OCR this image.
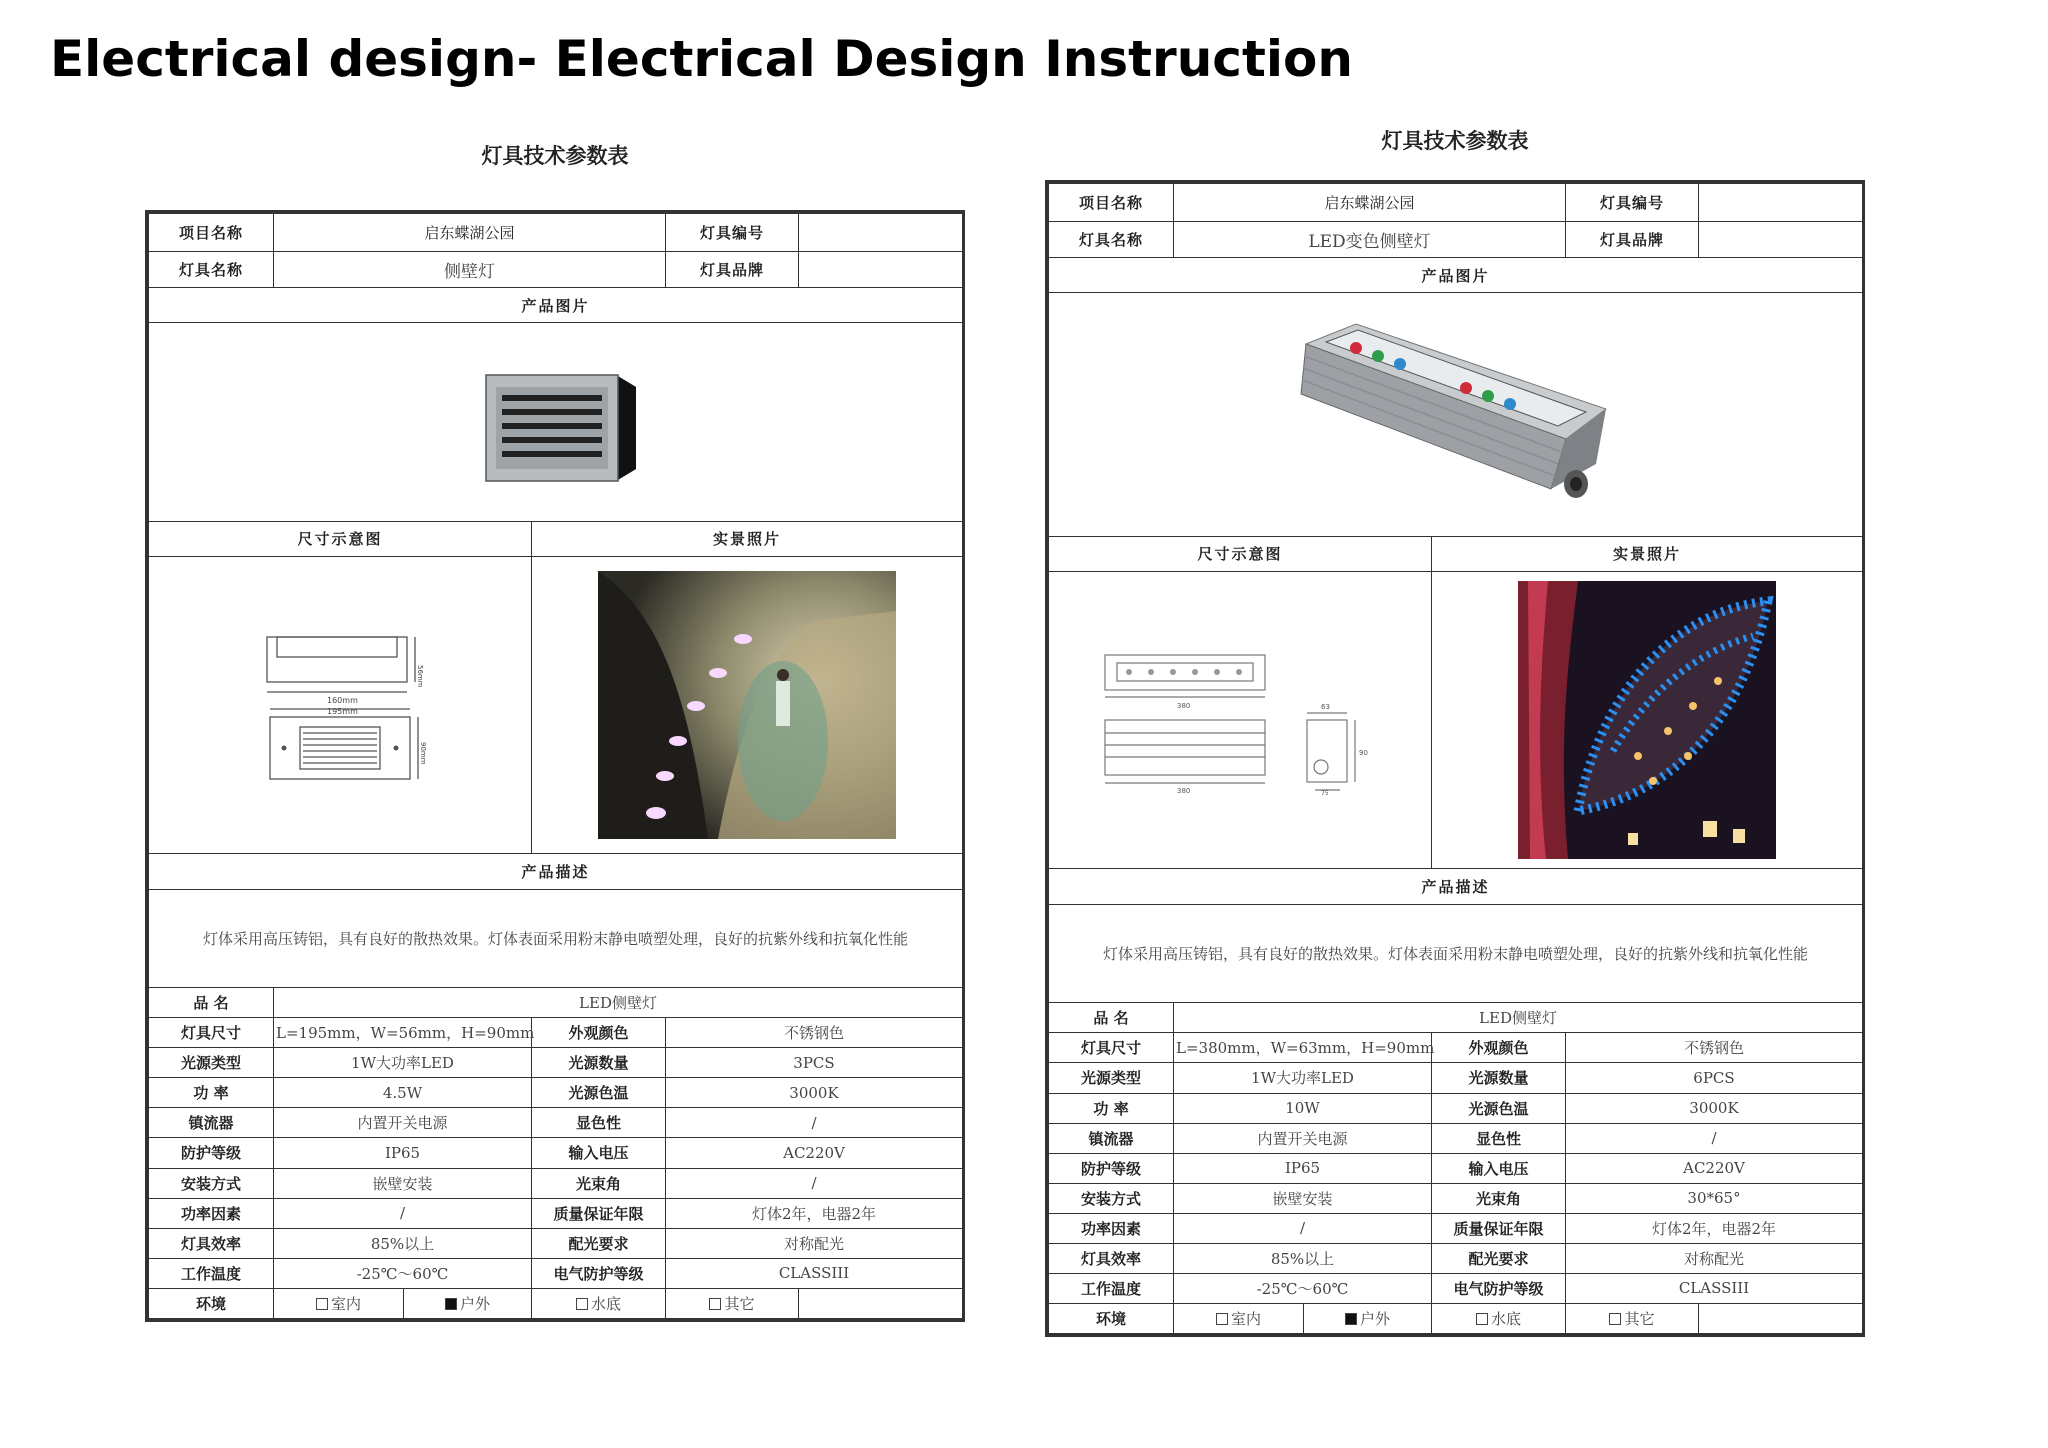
Electrical design- Electrical Design Instruction
灯具技术参数表
项目名称	启东蝶湖公园			灯具编号	
灯具名称	侧壁灯			灯具品牌	
产品图片					

尺寸示意图			实景照片		

160mm
195mm
56mm
90mm

产品描述					
灯体采用高压铸铝，具有良好的散热效果。灯体表面采用粉末静电喷塑处理，良好的抗紫外线和抗氧化性能					
品 名	LED侧壁灯				
灯具尺寸	L=195mm，W=56mm，H=90mm		外观颜色	不锈钢色	
光源类型	1W大功率LED		光源数量	3PCS	
功 率	4.5W		光源色温	3000K	
镇流器	内置开关电源		显色性	/	
防护等级	IP65		输入电压	AC220V	
安装方式	嵌壁安装		光束角	/	
功率因素	/		质量保证年限	灯体2年，电器2年	
灯具效率	85%以上		配光要求	对称配光	
工作温度	-25℃～60℃		电气防护等级	CLASSIII	
环境	室内	户外	水底	其它	
灯具技术参数表
项目名称	启东蝶湖公园			灯具编号	
灯具名称	LED变色侧壁灯			灯具品牌	
产品图片					

尺寸示意图			实景照片		

380
380
63
90
75

产品描述					
灯体采用高压铸铝，具有良好的散热效果。灯体表面采用粉末静电喷塑处理，良好的抗紫外线和抗氧化性能					
品 名	LED侧壁灯				
灯具尺寸	L=380mm，W=63mm，H=90mm		外观颜色	不锈钢色	
光源类型	1W大功率LED		光源数量	6PCS	
功 率	10W		光源色温	3000K	
镇流器	内置开关电源		显色性	/	
防护等级	IP65		输入电压	AC220V	
安装方式	嵌壁安装		光束角	30*65°	
功率因素	/		质量保证年限	灯体2年，电器2年	
灯具效率	85%以上		配光要求	对称配光	
工作温度	-25℃～60℃		电气防护等级	CLASSIII	
环境	室内	户外	水底	其它	
